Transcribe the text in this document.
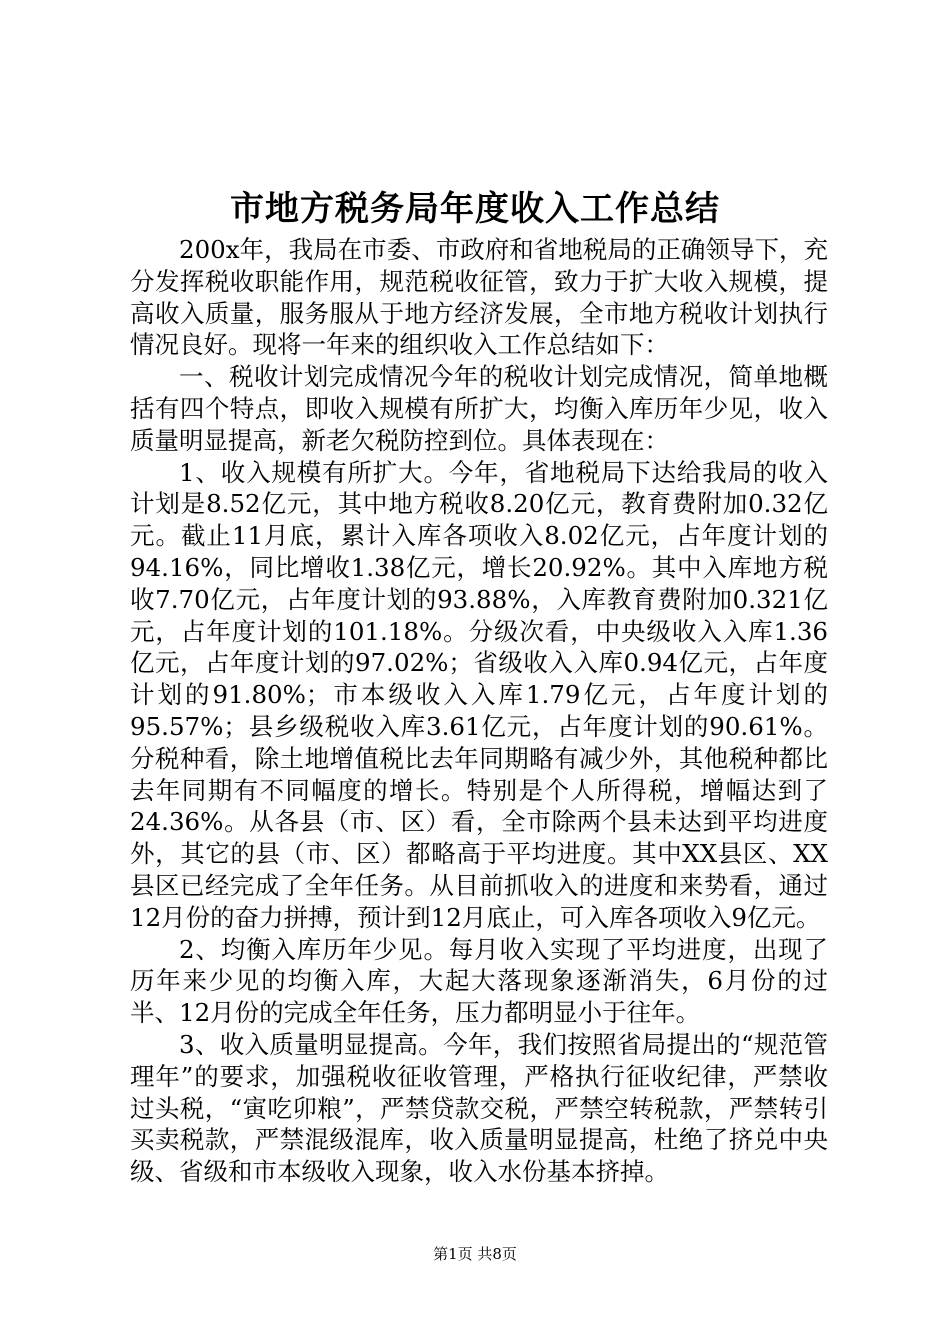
市地方税务局年度收入工作总结

200x年，我局在市委、市政府和省地税局的正确领导下，充分发挥税收职能作用，规范税收征管，致力于扩大收入规模，提高收入质量，服务服从于地方经济发展，全市地方税收计划执行情况良好。现将一年来的组织收入工作总结如下：

一、税收计划完成情况今年的税收计划完成情况，简单地概括有四个特点，即收入规模有所扩大，均衡入库历年少见，收入质量明显提高，新老欠税防控到位。具体表现在：

1、收入规模有所扩大。今年，省地税局下达给我局的收入计划是8.52亿元，其中地方税收8.20亿元，教育费附加0.32亿元。截止11月底，累计入库各项收入8.02亿元，占年度计划的94.16%，同比增收1.38亿元，增长20.92%。其中入库地方税收7.70亿元，占年度计划的93.88%，入库教育费附加0.321亿元，占年度计划的101.18%。分级次看，中央级收入入库1.36亿元，占年度计划的97.02%；省级收入入库0.94亿元，占年度计划的91.80%；市本级收入入库1.79亿元，占年度计划的95.57%；县乡级税收入库3.61亿元，占年度计划的90.61%。分税种看，除土地增值税比去年同期略有减少外，其他税种都比去年同期有不同幅度的增长。特别是个人所得税，增幅达到了24.36%。从各县（市、区）看，全市除两个县未达到平均进度外，其它的县（市、区）都略高于平均进度。其中XX县区、XX县区已经完成了全年任务。从目前抓收入的进度和来势看，通过12月份的奋力拼搏，预计到12月底止，可入库各项收入9亿元。

2、均衡入库历年少见。每月收入实现了平均进度，出现了历年来少见的均衡入库，大起大落现象逐渐消失，6月份的过半、12月份的完成全年任务，压力都明显小于往年。

3、收入质量明显提高。今年，我们按照省局提出的“规范管理年”的要求，加强税收征收管理，严格执行征收纪律，严禁收过头税，“寅吃卯粮”，严禁贷款交税，严禁空转税款，严禁转引买卖税款，严禁混级混库，收入质量明显提高，杜绝了挤兑中央级、省级和市本级收入现象，收入水份基本挤掉。

第1页 共8页
